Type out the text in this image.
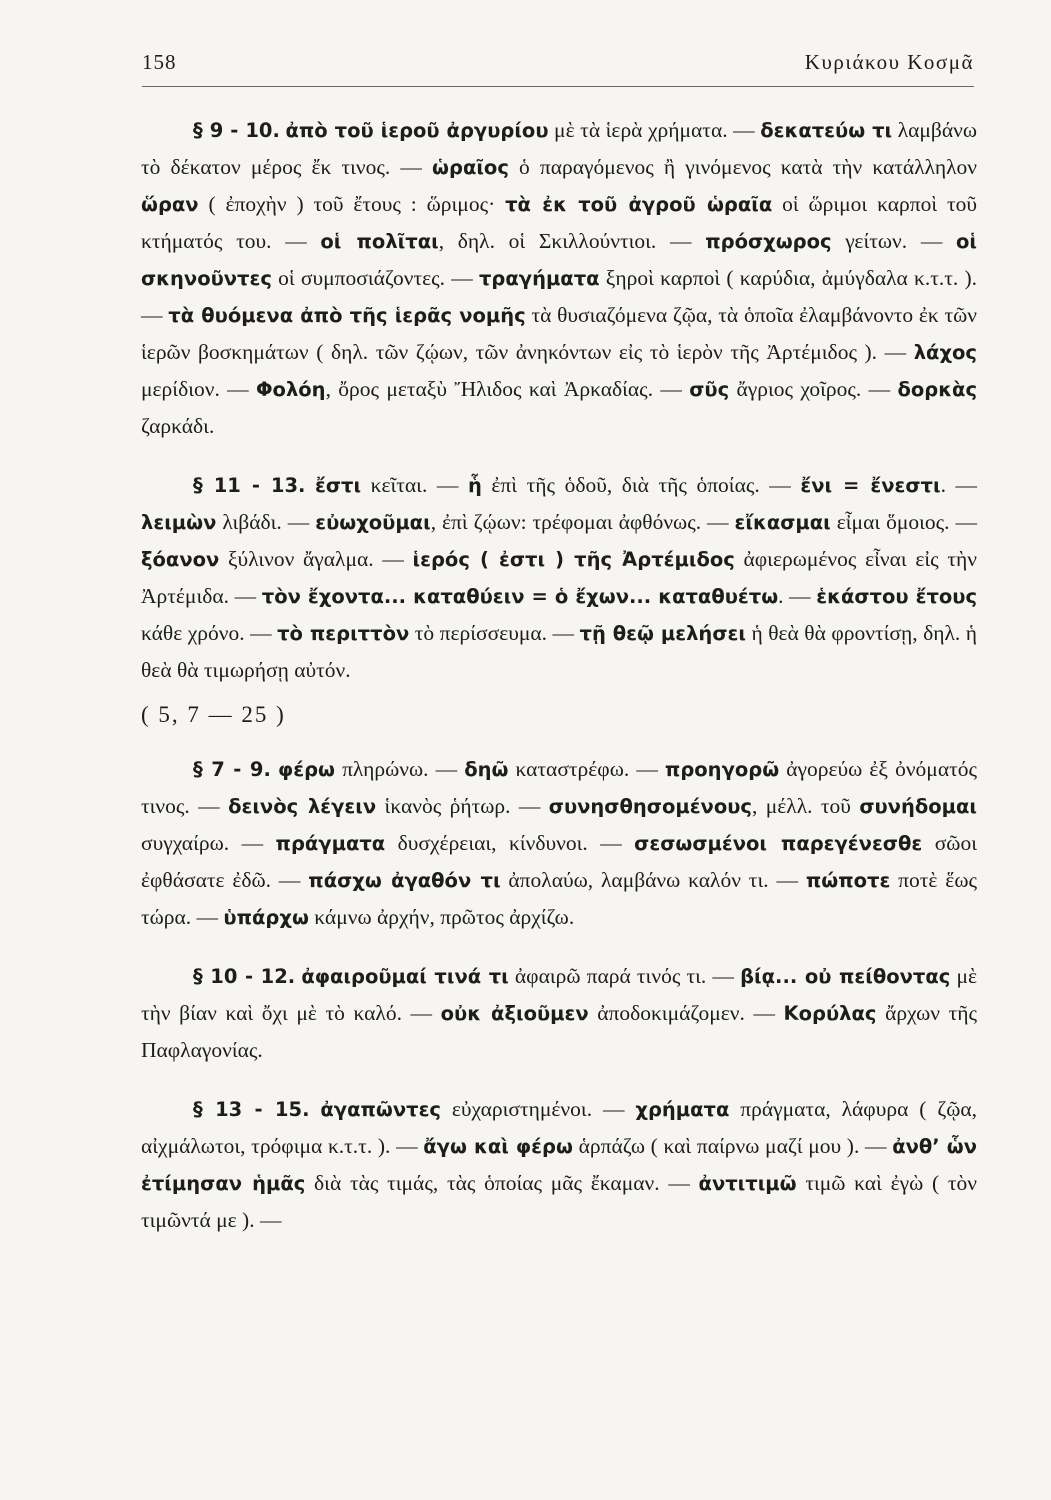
158	Κυριάκου Κοσμᾶ

§ 9 - 10. ἀπὸ τοῦ ἱεροῦ ἀργυρίου μὲ τὰ ἱερὰ χρήματα. — δεκατεύω τι λαμβάνω τὸ δέκατον μέρος ἔκ τινος. — ὡραῖος ὁ παραγόμενος ἢ γινόμενος κατὰ τὴν κατάλληλον ὥραν ( ἐποχὴν ) τοῦ ἔτους : ὥριμος· τὰ ἐκ τοῦ ἀγροῦ ὡραῖα οἱ ὥριμοι καρποὶ τοῦ κτήματός του. — οἱ πολῖται, δηλ. οἱ Σκιλλούντιοι. — πρόσχωρος γείτων. — οἱ σκηνοῦντες οἱ συμποσιάζοντες. — τραγήματα ξηροὶ καρποὶ ( καρύδια, ἀμύγδαλα κ.τ.τ. ). — τὰ θυόμενα ἀπὸ τῆς ἱερᾶς νομῆς τὰ θυσιαζόμενα ζῷα, τὰ ὁποῖα ἐλαμβάνοντο ἐκ τῶν ἱερῶν βοσκημάτων ( δηλ. τῶν ζῴων, τῶν ἀνηκόντων εἰς τὸ ἱερὸν τῆς Ἀρτέμιδος ). — λάχος μερίδιον. — Φολόη, ὄρος μεταξὺ Ἤλιδος καὶ Ἀρκαδίας. — σῦς ἄγριος χοῖρος. — δορκὰς ζαρκάδι.

§ 11 - 13. ἔστι κεῖται. — ἧ ἐπὶ τῆς ὁδοῦ, διὰ τῆς ὁποίας. — ἔνι = ἔνεστι. — λειμὼν λιβάδι. — εὐωχοῦμαι, ἐπὶ ζῴων: τρέφομαι ἀφθόνως. — εἴκασμαι εἶμαι ὅμοιος. — ξόανον ξύλινον ἄγαλμα. — ἱερός ( ἐστι ) τῆς Ἀρτέμιδος ἀφιερωμένος εἶναι εἰς τὴν Ἀρτέμιδα. — τὸν ἔχοντα... καταθύειν = ὁ ἔχων... καταθυέτω. — ἑκάστου ἔτους κάθε χρόνο. — τὸ περιττὸν τὸ περίσσευμα. — τῇ θεῷ μελήσει ἡ θεὰ θὰ φροντίσῃ, δηλ. ἡ θεὰ θὰ τιμωρήσῃ αὐτόν.

( 5, 7 — 25 )

§ 7 - 9. φέρω πληρώνω. — δηῶ καταστρέφω. — προηγορῶ ἀγορεύω ἐξ ὀνόματός τινος. — δεινὸς λέγειν ἱκανὸς ῥήτωρ. — συνησθησομένους, μέλλ. τοῦ συνήδομαι συγχαίρω. — πράγματα δυσχέρειαι, κίνδυνοι. — σεσωσμένοι παρεγένεσθε σῶοι ἐφθάσατε ἐδῶ. — πάσχω ἀγαθόν τι ἀπολαύω, λαμβάνω καλόν τι. — πώποτε ποτὲ ἕως τώρα. — ὑπάρχω κάμνω ἀρχήν, πρῶτος ἀρχίζω.

§ 10 - 12. ἀφαιροῦμαί τινά τι ἀφαιρῶ παρά τινός τι. — βίᾳ... οὐ πείθοντας μὲ τὴν βίαν καὶ ὄχι μὲ τὸ καλό. — οὐκ ἀξιοῦμεν ἀποδοκιμάζομεν. — Κορύλας ἄρχων τῆς Παφλαγονίας.

§ 13 - 15. ἀγαπῶντες εὐχαριστημένοι. — χρήματα πράγματα, λάφυρα ( ζῷα, αἰχμάλωτοι, τρόφιμα κ.τ.τ. ). — ἄγω καὶ φέρω ἁρπάζω ( καὶ παίρνω μαζί μου ). — ἀνθ’ ὧν ἐτίμησαν ἡμᾶς διὰ τὰς τιμάς, τὰς ὁποίας μᾶς ἔκαμαν. — ἀντιτιμῶ τιμῶ καὶ ἐγὼ ( τὸν τιμῶντά με ). —
